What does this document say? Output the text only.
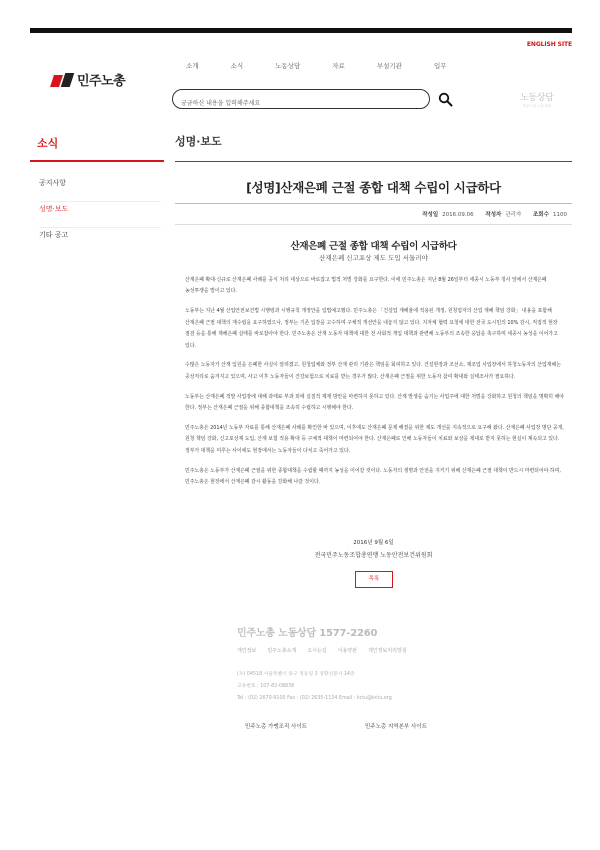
ENGLISH SITE
민주노총
소개	소식	노동상담	자료	부설기관	입무
궁금하신 내용을 입력해주세요
노동상담
민주노총 노동상담
소식	성명·보도
공지사항
성명·보도
기타 공고
[성명]산재은폐 근절 종합 대책 수립이 시급하다
작성일 2016.09.06 작성자 관리자 조회수 1100
산재은폐 근절 종합 대책 수립이 시급하다
산재은폐 신고포상 제도 도입 서둘러야

산재은폐 확대·신규로 산재은폐 사례를 공식 처리 대상으로 바로잡고 법적 처벌 강화를 요구한다. 이에 민주노총은 지난 8월 26일부터 세종시 노동부 청사 앞에서 산재은폐 농성투쟁을 벌이고 있다.

노동부는 지난 4월 산업안전보건법 시행령과 시행규칙 개정안을 입법예고했다. 민주노총은 「건설업 재해율에 적용된 개정, 원청업자의 산업 재해 책임 강화」 내용을 포함해 산재은폐 근절 대책의 재수립을 요구하였으나, 정부는 기존 입장을 고수하며 구체적 개선안을 내놓지 않고 있다. 지자체 협력 요청에 대한 전국 도시민의 10% 감시, 직접적 현장 점검 등을 통해 재해은폐 실태를 바로잡아야 한다. 민주노총은 산재 노동자 대책에 대한 전 사회적 개입 대책과 관련해 노동부의 조속한 응답을 촉구하며 세종시 농성을 이어가고 있다.

수많은 노동자가 산재 입원을 은폐한 사실이 알려졌고, 원청업체와 정부 산재 관리 기관은 책임을 회피하고 있다. 건설현장과 조선소, 제조업 사업장에서 하청노동자의 산업재해는 공상처리로 숨겨지고 있으며, 사고 이후 노동자들이 건강보험으로 치료를 받는 경우가 많다. 산재은폐 근절을 위한 노동자 참여 확대와 실태조사가 필요하다.

노동부는 산재은폐 적발 사업장에 대해 과태료 부과 외에 실질적 제재 방안을 마련하지 못하고 있다. 산재 발생을 숨기는 사업주에 대한 처벌을 강화하고 원청의 책임을 명확히 해야 한다. 정부는 산재은폐 근절을 위해 종합대책을 조속히 수립하고 시행해야 한다.

민주노총은 2014년 노동부 자료를 통해 산재은폐 사례를 확인한 바 있으며, 이후에도 산재은폐 문제 해결을 위한 제도 개선을 지속적으로 요구해 왔다. 산재은폐 사업장 명단 공개, 원청 책임 강화, 신고포상제 도입, 산재 보험 적용 확대 등 구체적 대책이 마련되어야 한다. 산재은폐로 인해 노동자들이 치료와 보상을 제대로 받지 못하는 현실이 계속되고 있다. 정부가 대책을 미루는 사이에도 현장에서는 노동자들이 다치고 죽어가고 있다.

민주노총은 노동부가 산재은폐 근절을 위한 종합대책을 수립할 때까지 농성을 이어갈 것이다. 노동자의 생명과 안전을 지키기 위해 산재은폐 근절 대책이 반드시 마련되어야 하며, 민주노총은 현장에서 산재은폐 감시 활동을 강화해 나갈 것이다.

2016년 9월 6일
전국민주노동조합총연맹 노동안전보건위원회
목록
민주노총 노동상담 1577-2260
개인정보 민주노총소개 오시는길 이용약관 개인정보처리방침
(우) 04518 서울특별시 중구 정동길 3 경향신문사 14층
고유번호 : 107-82-08838
Tel : (02) 2670-9100 Fax : (02) 2635-1134 Email : kctu@kctu.org
민주노총 가맹조직 사이트	민주노총 지역본부 사이트
